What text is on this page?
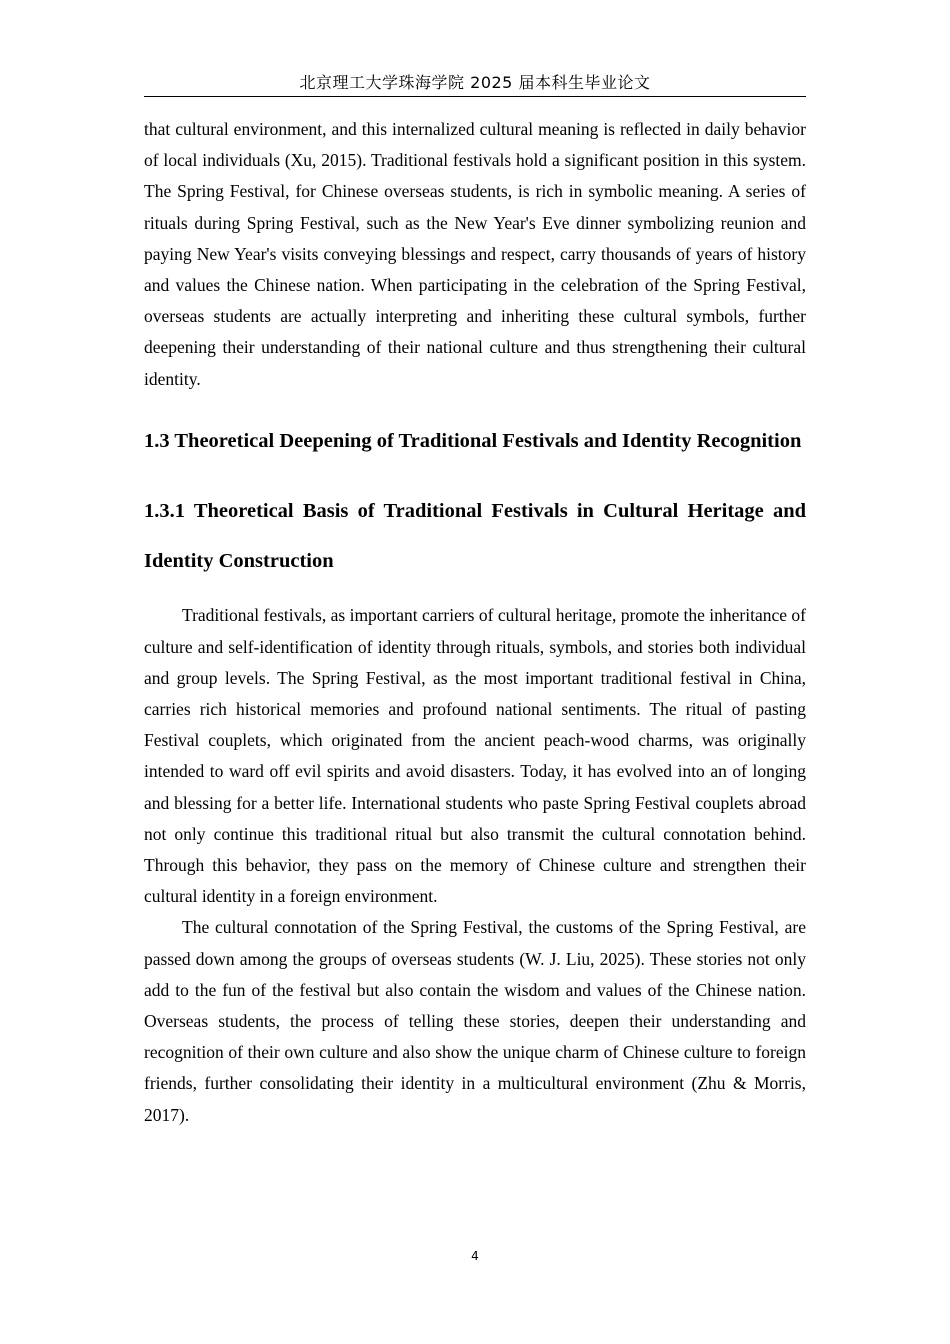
北京理工大学珠海学院 2025 届本科生毕业论文

that cultural environment, and this internalized cultural meaning is reflected in daily behavior of local individuals (Xu, 2015). Traditional festivals hold a significant position in this system. The Spring Festival, for Chinese overseas students, is rich in symbolic meaning. A series of rituals during Spring Festival, such as the New Year's Eve dinner symbolizing reunion and paying New Year's visits conveying blessings and respect, carry thousands of years of history and values the Chinese nation. When participating in the celebration of the Spring Festival, overseas students are actually interpreting and inheriting these cultural symbols, further deepening their understanding of their national culture and thus strengthening their cultural identity.

1.3 Theoretical Deepening of Traditional Festivals and Identity Recognition
1.3.1 Theoretical Basis of Traditional Festivals in Cultural Heritage and Identity Construction

Traditional festivals, as important carriers of cultural heritage, promote the inheritance of culture and self-identification of identity through rituals, symbols, and stories both individual and group levels. The Spring Festival, as the most important traditional festival in China, carries rich historical memories and profound national sentiments. The ritual of pasting Festival couplets, which originated from the ancient peach-wood charms, was originally intended to ward off evil spirits and avoid disasters. Today, it has evolved into an of longing and blessing for a better life. International students who paste Spring Festival couplets abroad not only continue this traditional ritual but also transmit the cultural connotation behind. Through this behavior, they pass on the memory of Chinese culture and strengthen their cultural identity in a foreign environment.

The cultural connotation of the Spring Festival, the customs of the Spring Festival, are passed down among the groups of overseas students (W. J. Liu, 2025). These stories not only add to the fun of the festival but also contain the wisdom and values of the Chinese nation. Overseas students, the process of telling these stories, deepen their understanding and recognition of their own culture and also show the unique charm of Chinese culture to foreign friends, further consolidating their identity in a multicultural environment (Zhu & Morris, 2017).

4
